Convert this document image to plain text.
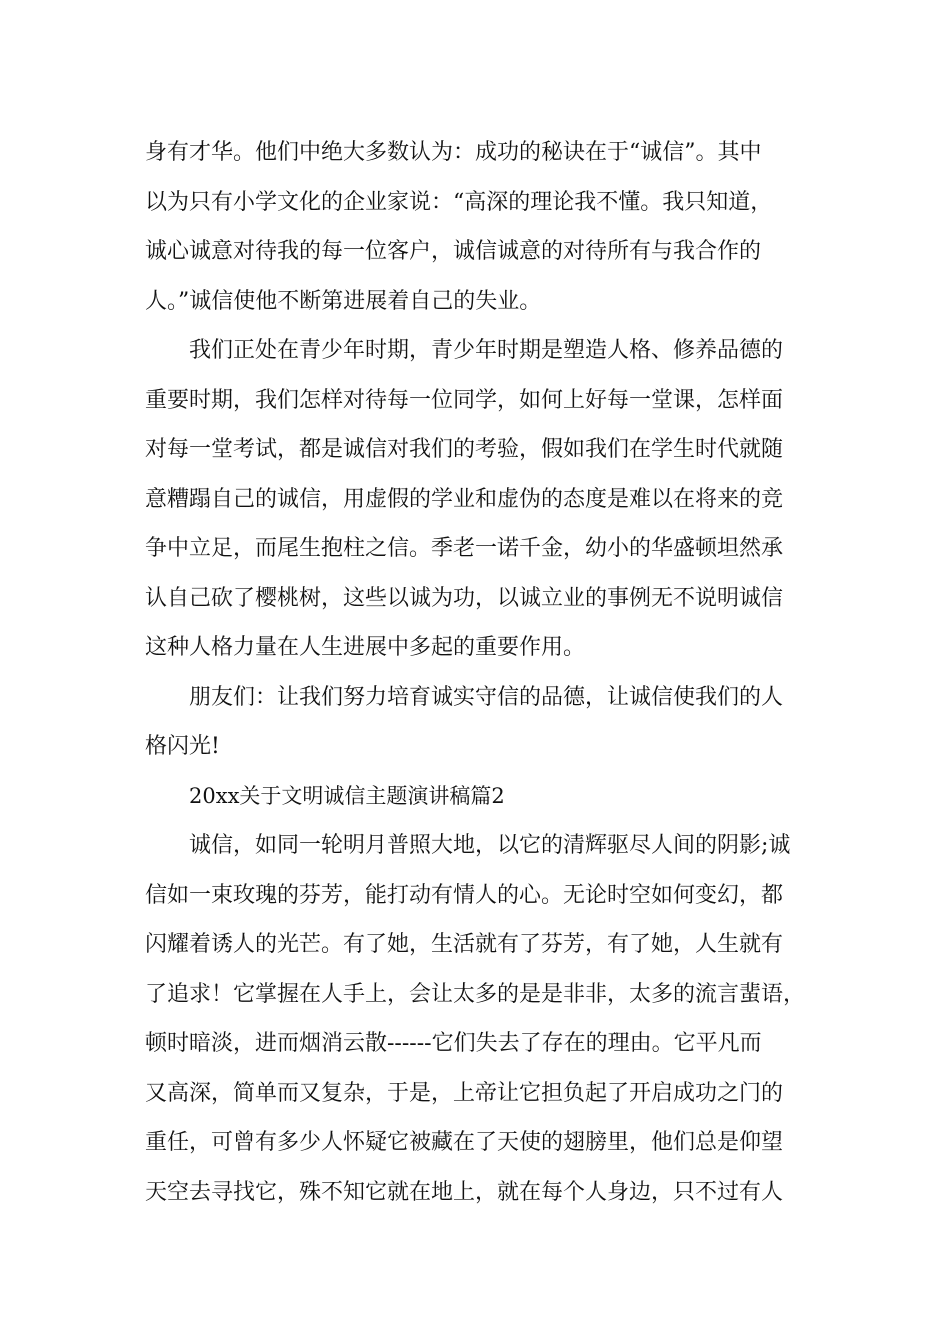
身有才华。他们中绝大多数认为：成功的秘诀在于“诚信”。其中
以为只有小学文化的企业家说：“高深的理论我不懂。我只知道，
诚心诚意对待我的每一位客户，诚信诚意的对待所有与我合作的
人。”诚信使他不断第进展着自己的失业。
我们正处在青少年时期，青少年时期是塑造人格、修养品德的
重要时期，我们怎样对待每一位同学，如何上好每一堂课，怎样面
对每一堂考试，都是诚信对我们的考验，假如我们在学生时代就随
意糟蹋自己的诚信，用虚假的学业和虚伪的态度是难以在将来的竞
争中立足，而尾生抱柱之信。季老一诺千金，幼小的华盛顿坦然承
认自己砍了樱桃树，这些以诚为功，以诚立业的事例无不说明诚信
这种人格力量在人生进展中多起的重要作用。
朋友们：让我们努力培育诚实守信的品德，让诚信使我们的人
格闪光!
20xx关于文明诚信主题演讲稿篇2
诚信，如同一轮明月普照大地，以它的清辉驱尽人间的阴影;诚
信如一束玫瑰的芬芳，能打动有情人的心。无论时空如何变幻，都
闪耀着诱人的光芒。有了她，生活就有了芬芳，有了她，人生就有
了追求！它掌握在人手上，会让太多的是是非非，太多的流言蜚语，
顿时暗淡，进而烟消云散------它们失去了存在的理由。它平凡而
又高深，简单而又复杂，于是，上帝让它担负起了开启成功之门的
重任，可曾有多少人怀疑它被藏在了天使的翅膀里，他们总是仰望
天空去寻找它，殊不知它就在地上，就在每个人身边，只不过有人
